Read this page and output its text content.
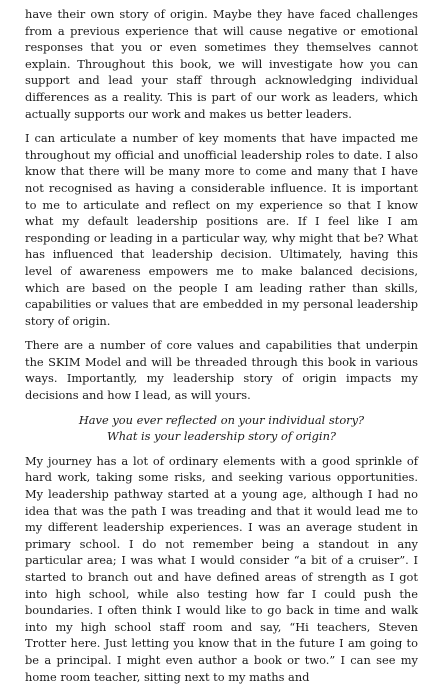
have their own story of origin. Maybe they have faced challenges from a previous experience that will cause negative or emotional responses that you or even sometimes they themselves cannot explain. Throughout this book, we will investigate how you can support and lead your staff through acknowledging individual differences as a reality. This is part of our work as leaders, which actually supports our work and makes us better leaders.

I can articulate a number of key moments that have impacted me throughout my official and unofficial leadership roles to date. I also know that there will be many more to come and many that I have not recognised as having a considerable influence. It is important to me to articulate and reflect on my experience so that I know what my default leadership positions are. If I feel like I am responding or leading in a particular way, why might that be? What has influenced that leadership decision. Ultimately, having this level of awareness empowers me to make balanced decisions, which are based on the people I am leading rather than skills, capabilities or values that are embedded in my personal leadership story of origin.

There are a number of core values and capabilities that underpin the SKIM Model and will be threaded through this book in various ways. Importantly, my leadership story of origin impacts my decisions and how I lead, as will yours.

Have you ever reflected on your individual story?

What is your leadership story of origin?

My journey has a lot of ordinary elements with a good sprinkle of hard work, taking some risks, and seeking various opportunities. My leadership pathway started at a young age, although I had no idea that was the path I was treading and that it would lead me to my different leadership experiences. I was an average student in primary school. I do not remember being a standout in any particular area; I was what I would consider “a bit of a cruiser”. I started to branch out and have defined areas of strength as I got into high school, while also testing how far I could push the boundaries. I often think I would like to go back in time and walk into my high school staff room and say, “Hi teachers, Steven Trotter here. Just letting you know that in the future I am going to be a principal. I might even author a book or two.” I can see my home room teacher, sitting next to my maths and
